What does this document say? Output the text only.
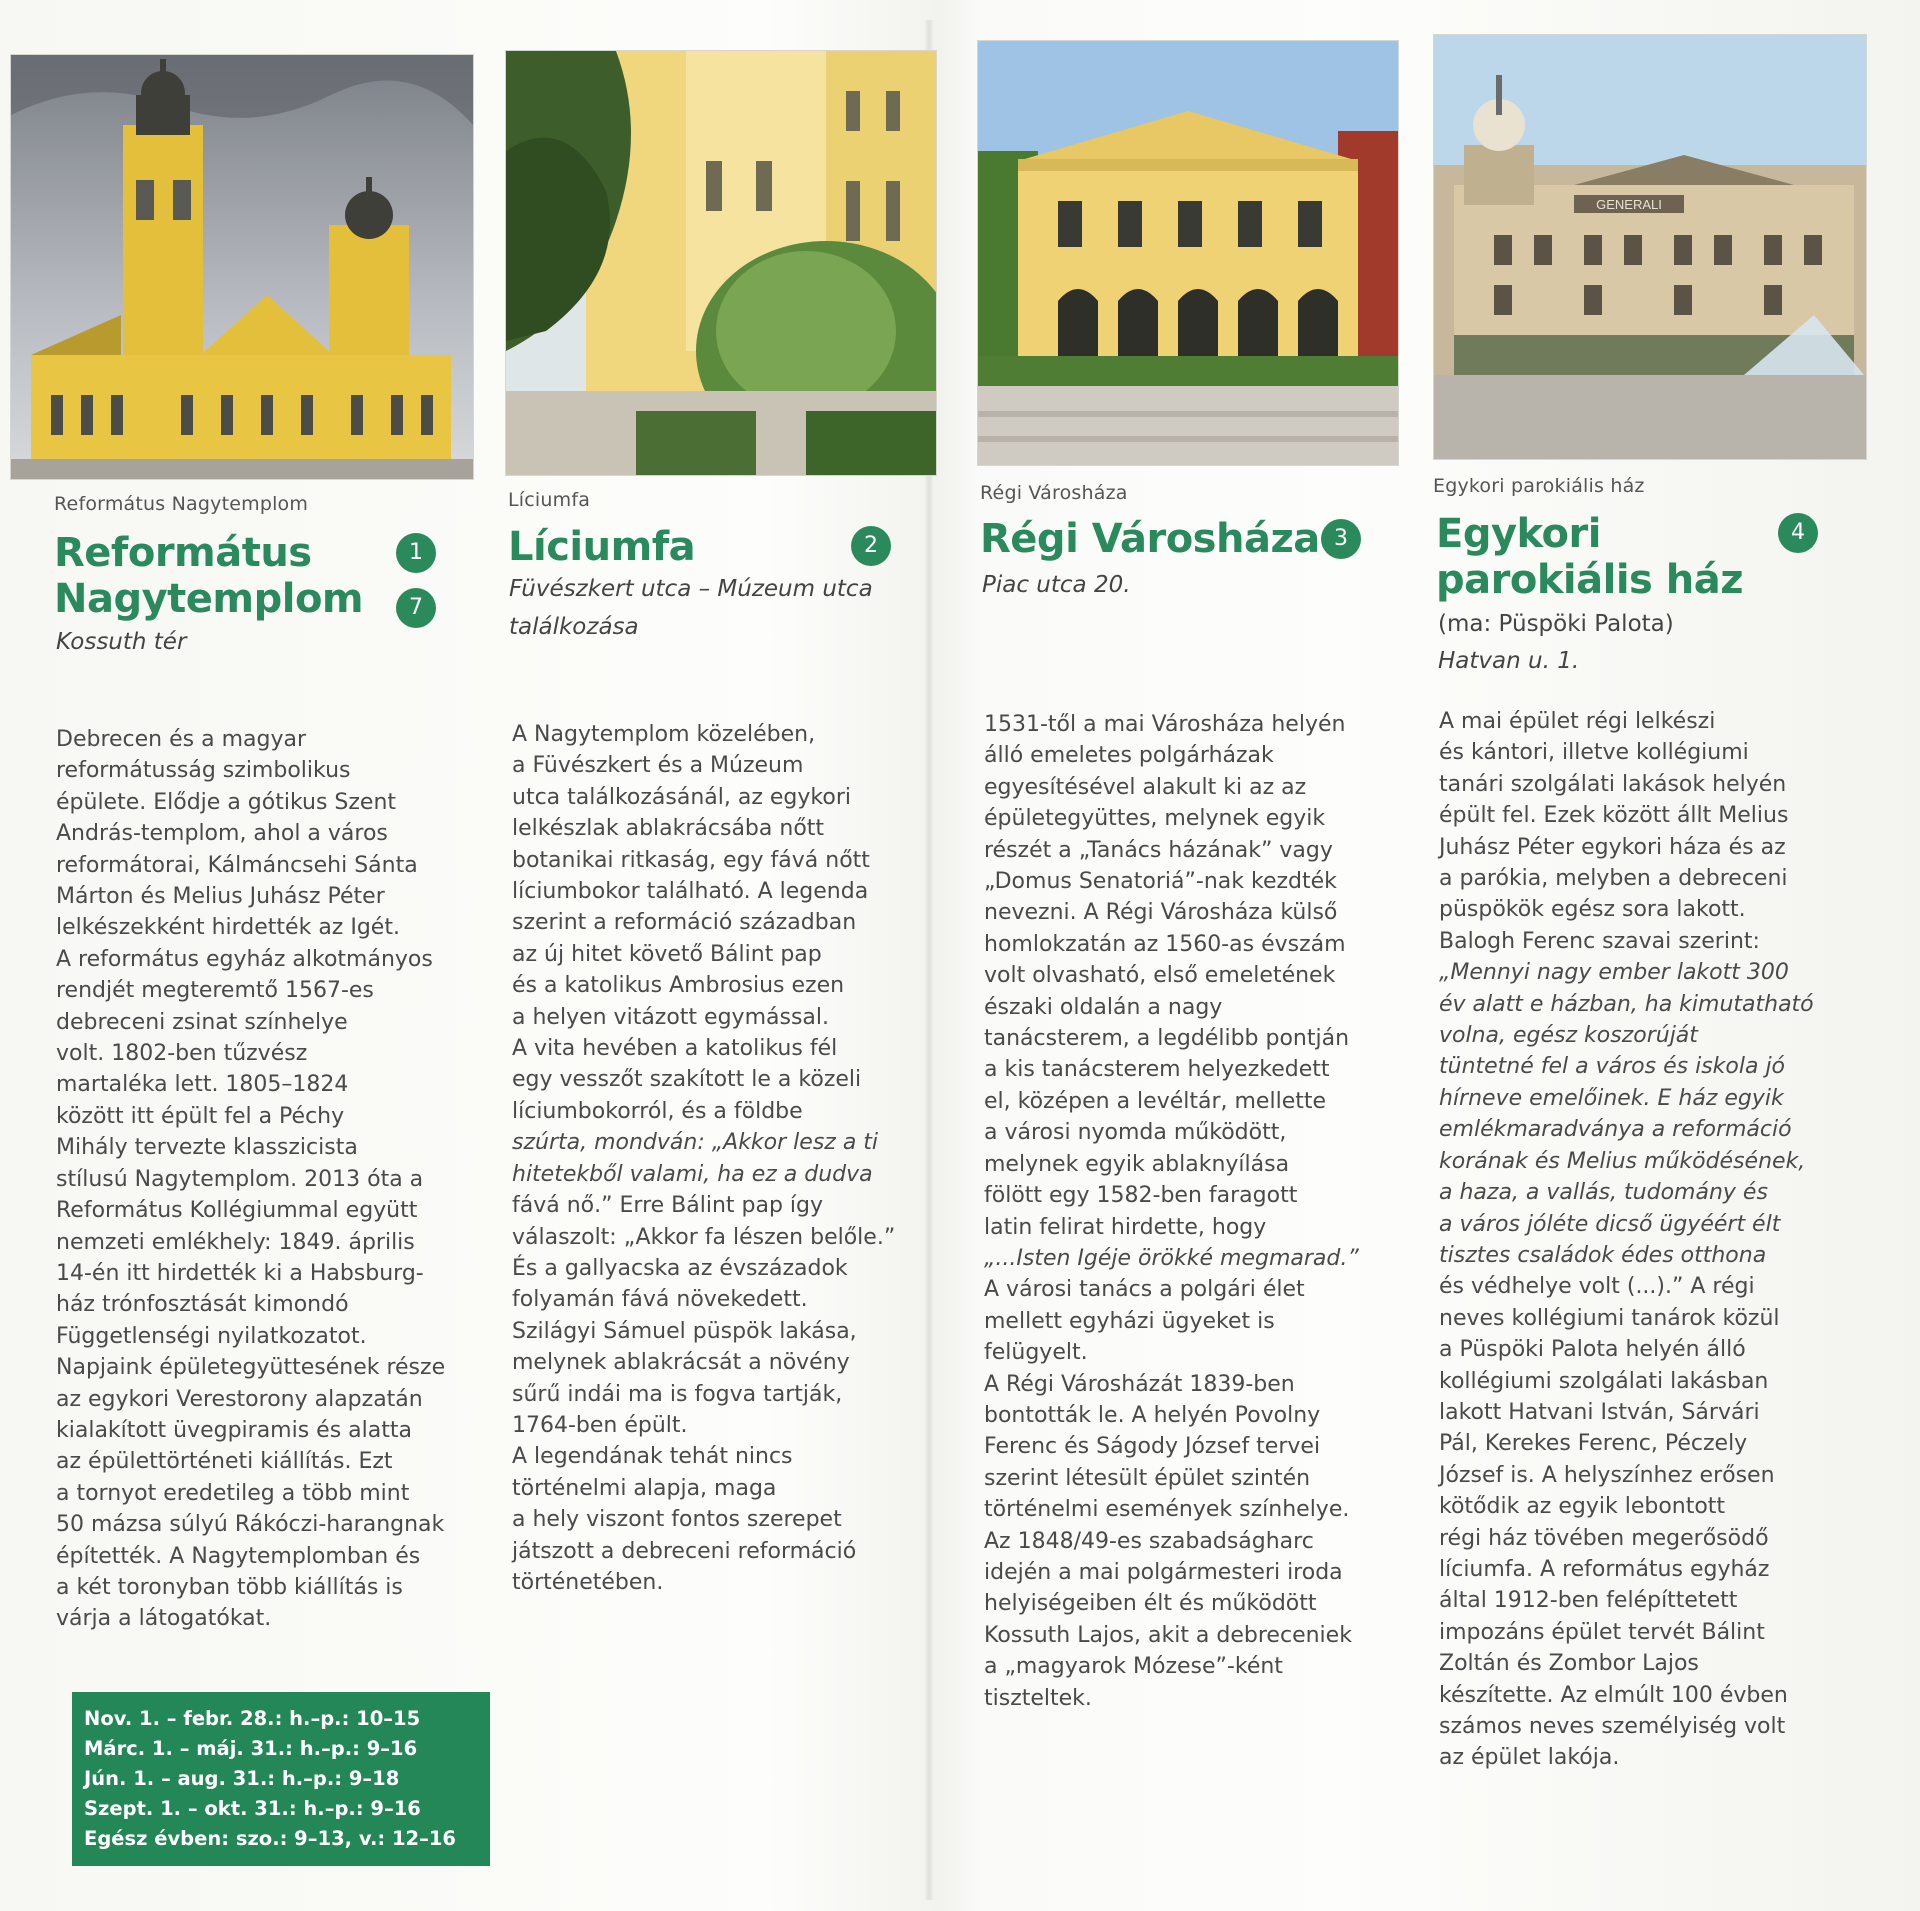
Református Nagytemplom
Református
Nagytemplom
1
7
Kossuth tér
Debrecen és a magyar
reformátusság szimbolikus
épülete. Elődje a gótikus Szent
András-templom, ahol a város
reformátorai, Kálmáncsehi Sánta
Márton és Melius Juhász Péter
lelkészekként hirdették az Igét.
A református egyház alkotmányos
rendjét megteremtő 1567-es
debreceni zsinat színhelye
volt. 1802-ben tűzvész
martaléka lett. 1805–1824
között itt épült fel a Péchy
Mihály tervezte klasszicista
stílusú Nagytemplom. 2013 óta a
Református Kollégiummal együtt
nemzeti emlékhely: 1849. április
14-én itt hirdették ki a Habsburg-
ház trónfosztását kimondó
Függetlenségi nyilatkozatot.
Napjaink épületegyüttesének része
az egykori Verestorony alapzatán
kialakított üvegpiramis és alatta
az épülettörténeti kiállítás. Ezt
a tornyot eredetileg a több mint
50 mázsa súlyú Rákóczi-harangnak
építették. A Nagytemplomban és
a két toronyban több kiállítás is
várja a látogatókat.
Nov. 1. – febr. 28.: h.–p.: 10–15
Márc. 1. – máj. 31.: h.–p.: 9–16
Jún. 1. – aug. 31.: h.–p.: 9–18
Szept. 1. – okt. 31.: h.–p.: 9–16
Egész évben: szo.: 9–13, v.: 12–16
Líciumfa
Líciumfa	2
Füvészkert utca – Múzeum utca
találkozása
A Nagytemplom közelében,
a Füvészkert és a Múzeum
utca találkozásánál, az egykori
lelkészlak ablakrácsába nőtt
botanikai ritkaság, egy fává nőtt
líciumbokor található. A legenda
szerint a reformáció században
az új hitet követő Bálint pap
és a katolikus Ambrosius ezen
a helyen vitázott egymással.
A vita hevében a katolikus fél
egy vesszőt szakított le a közeli
líciumbokorról, és a földbe
szúrta, mondván: „Akkor lesz a ti
hitetekből valami, ha ez a dudva
fává nő.” Erre Bálint pap így
válaszolt: „Akkor fa lészen belőle.”
És a gallyacska az évszázadok
folyamán fává növekedett.
Szilágyi Sámuel püspök lakása,
melynek ablakrácsát a növény
sűrű indái ma is fogva tartják,
1764-ben épült.
A legendának tehát nincs
történelmi alapja, maga
a hely viszont fontos szerepet
játszott a debreceni reformáció
történetében.
Régi Városháza
Régi Városháza 3
Piac utca 20.
1531-től a mai Városháza helyén
álló emeletes polgárházak
egyesítésével alakult ki az az
épületegyüttes, melynek egyik
részét a „Tanács házának” vagy
„Domus Senatoriá”-nak kezdték
nevezni. A Régi Városháza külső
homlokzatán az 1560-as évszám
volt olvasható, első emeletének
északi oldalán a nagy
tanácsterem, a legdélibb pontján
a kis tanácsterem helyezkedett
el, középen a levéltár, mellette
a városi nyomda működött,
melynek egyik ablaknyílása
fölött egy 1582-ben faragott
latin felirat hirdette, hogy
„...Isten Igéje örökké megmarad.”
A városi tanács a polgári élet
mellett egyházi ügyeket is
felügyelt.
A Régi Városházát 1839-ben
bontották le. A helyén Povolny
Ferenc és Ságody József tervei
szerint létesült épület szintén
történelmi események színhelye.
Az 1848/49-es szabadságharc
idején a mai polgármesteri iroda
helyiségeiben élt és működött
Kossuth Lajos, akit a debreceniek
a „magyarok Mózese”-ként
tiszteltek.
GENERALI
Egykori parokiális ház
Egykori
parokiális ház
4
(ma: Püspöki Palota)
Hatvan u. 1.
A mai épület régi lelkészi
és kántori, illetve kollégiumi
tanári szolgálati lakások helyén
épült fel. Ezek között állt Melius
Juhász Péter egykori háza és az
a parókia, melyben a debreceni
püspökök egész sora lakott.
Balogh Ferenc szavai szerint:
„Mennyi nagy ember lakott 300
év alatt e házban, ha kimutatható
volna, egész koszorúját
tüntetné fel a város és iskola jó
hírneve emelőinek. E ház egyik
emlékmaradványa a reformáció
korának és Melius működésének,
a haza, a vallás, tudomány és
a város jóléte dicső ügyéért élt
tisztes családok édes otthona
és védhelye volt (...).” A régi
neves kollégiumi tanárok közül
a Püspöki Palota helyén álló
kollégiumi szolgálati lakásban
lakott Hatvani István, Sárvári
Pál, Kerekes Ferenc, Péczely
József is. A helyszínhez erősen
kötődik az egyik lebontott
régi ház tövében megerősödő
líciumfa. A református egyház
által 1912-ben felépíttetett
impozáns épület tervét Bálint
Zoltán és Zombor Lajos
készítette. Az elmúlt 100 évben
számos neves személyiség volt
az épület lakója.
